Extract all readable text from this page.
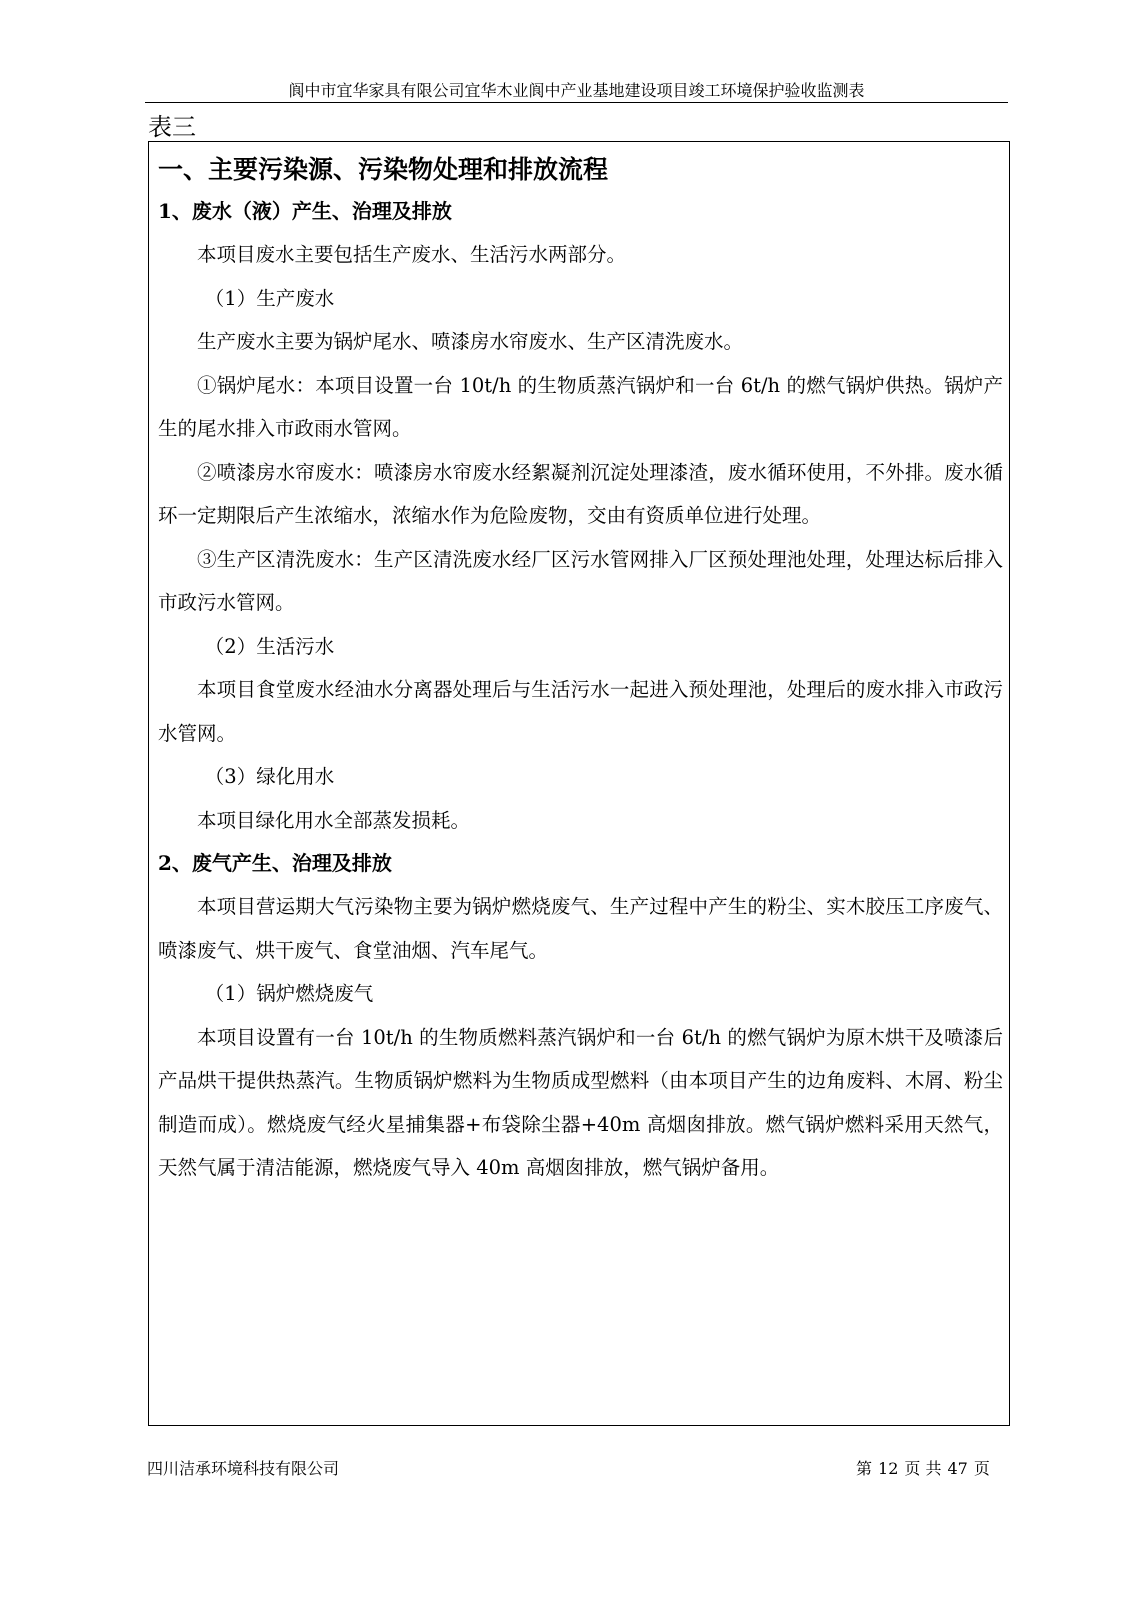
阆中市宜华家具有限公司宜华木业阆中产业基地建设项目竣工环境保护验收监测表
表三
一、主要污染源、污染物处理和排放流程
1、废水（液）产生、治理及排放
本项目废水主要包括生产废水、生活污水两部分。
（1）生产废水
生产废水主要为锅炉尾水、喷漆房水帘废水、生产区清洗废水。
①锅炉尾水：本项目设置一台 10t/h 的生物质蒸汽锅炉和一台 6t/h 的燃气锅炉供热。锅炉产生的尾水排入市政雨水管网。
②喷漆房水帘废水：喷漆房水帘废水经絮凝剂沉淀处理漆渣，废水循环使用，不外排。废水循环一定期限后产生浓缩水，浓缩水作为危险废物，交由有资质单位进行处理。
③生产区清洗废水：生产区清洗废水经厂区污水管网排入厂区预处理池处理，处理达标后排入市政污水管网。
（2）生活污水
本项目食堂废水经油水分离器处理后与生活污水一起进入预处理池，处理后的废水排入市政污水管网。
（3）绿化用水
本项目绿化用水全部蒸发损耗。
2、废气产生、治理及排放
本项目营运期大气污染物主要为锅炉燃烧废气、生产过程中产生的粉尘、实木胶压工序废气、喷漆废气、烘干废气、食堂油烟、汽车尾气。
（1）锅炉燃烧废气
本项目设置有一台 10t/h 的生物质燃料蒸汽锅炉和一台 6t/h 的燃气锅炉为原木烘干及喷漆后产品烘干提供热蒸汽。生物质锅炉燃料为生物质成型燃料（由本项目产生的边角废料、木屑、粉尘制造而成）。燃烧废气经火星捕集器+布袋除尘器+40m 高烟囱排放。燃气锅炉燃料采用天然气，天然气属于清洁能源，燃烧废气导入 40m 高烟囱排放，燃气锅炉备用。
四川洁承环境科技有限公司	第 12 页 共 47 页
